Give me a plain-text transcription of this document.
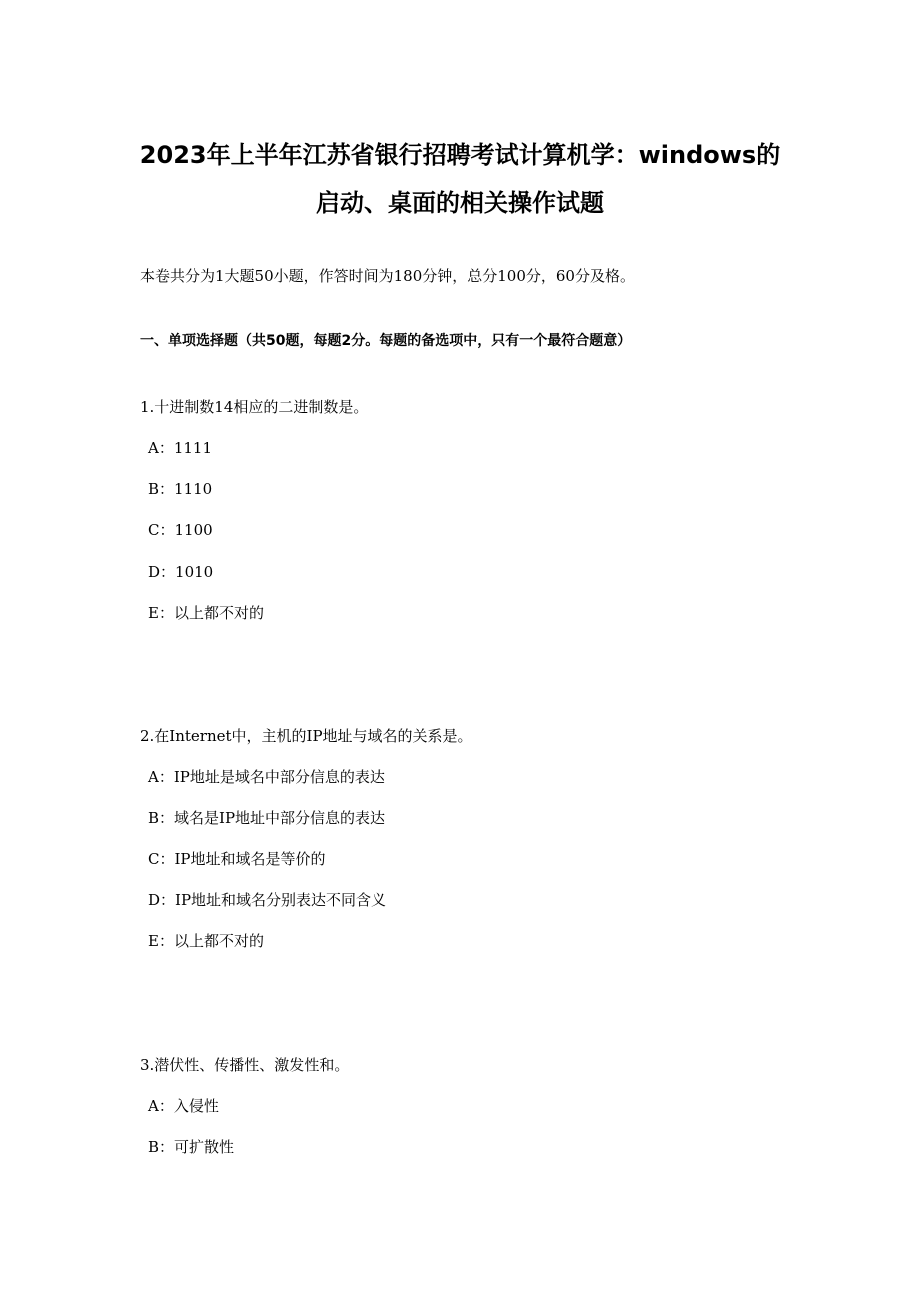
2023年上半年江苏省银行招聘考试计算机学：windows的
启动、桌面的相关操作试题
本卷共分为1大题50小题，作答时间为180分钟，总分100分，60分及格。
一、单项选择题（共50题，每题2分。每题的备选项中，只有一个最符合题意）
1.十进制数14相应的二进制数是。
A：1111
B：1110
C：1100
D：1010
E：以上都不对的
2.在Internet中，主机的IP地址与域名的关系是。
A：IP地址是域名中部分信息的表达
B：域名是IP地址中部分信息的表达
C：IP地址和域名是等价的
D：IP地址和域名分别表达不同含义
E：以上都不对的
3.潜伏性、传播性、激发性和。
A：入侵性
B：可扩散性
